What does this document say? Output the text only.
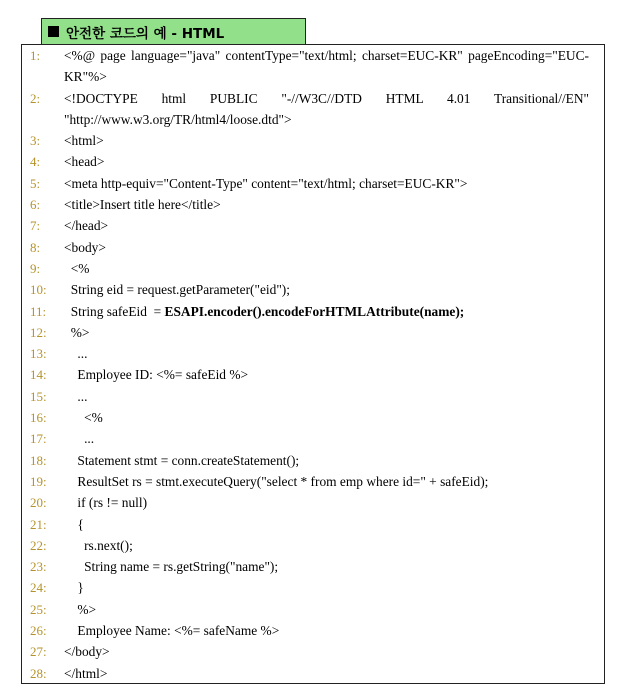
안전한 코드의 예 - HTML
1: <%@ page language="java" contentType="text/html; charset=EUC-KR" pageEncoding="EUC-KR"%>
2: <!DOCTYPE html PUBLIC "-//W3C//DTD HTML 4.01 Transitional//EN" "http://www.w3.org/TR/html4/loose.dtd">
3: <html>
4: <head>
5: <meta http-equiv="Content-Type" content="text/html; charset=EUC-KR">
6: <title>Insert title here</title>
7: </head>
8: <body>
9: <%
10: String eid = request.getParameter("eid");
11: String safeEid  = ESAPI.encoder().encodeForHTMLAttribute(name);
12: %>
13: ...
14: Employee ID: <%= safeEid %>
15: ...
16: <%
17: ...
18: Statement stmt = conn.createStatement();
19: ResultSet rs = stmt.executeQuery("select * from emp where id=" + safeEid);
20: if (rs != null)
21: {
22: rs.next();
23: String name = rs.getString("name");
24: }
25: %>
26: Employee Name: <%= safeName %>
27: </body>
28: </html>
